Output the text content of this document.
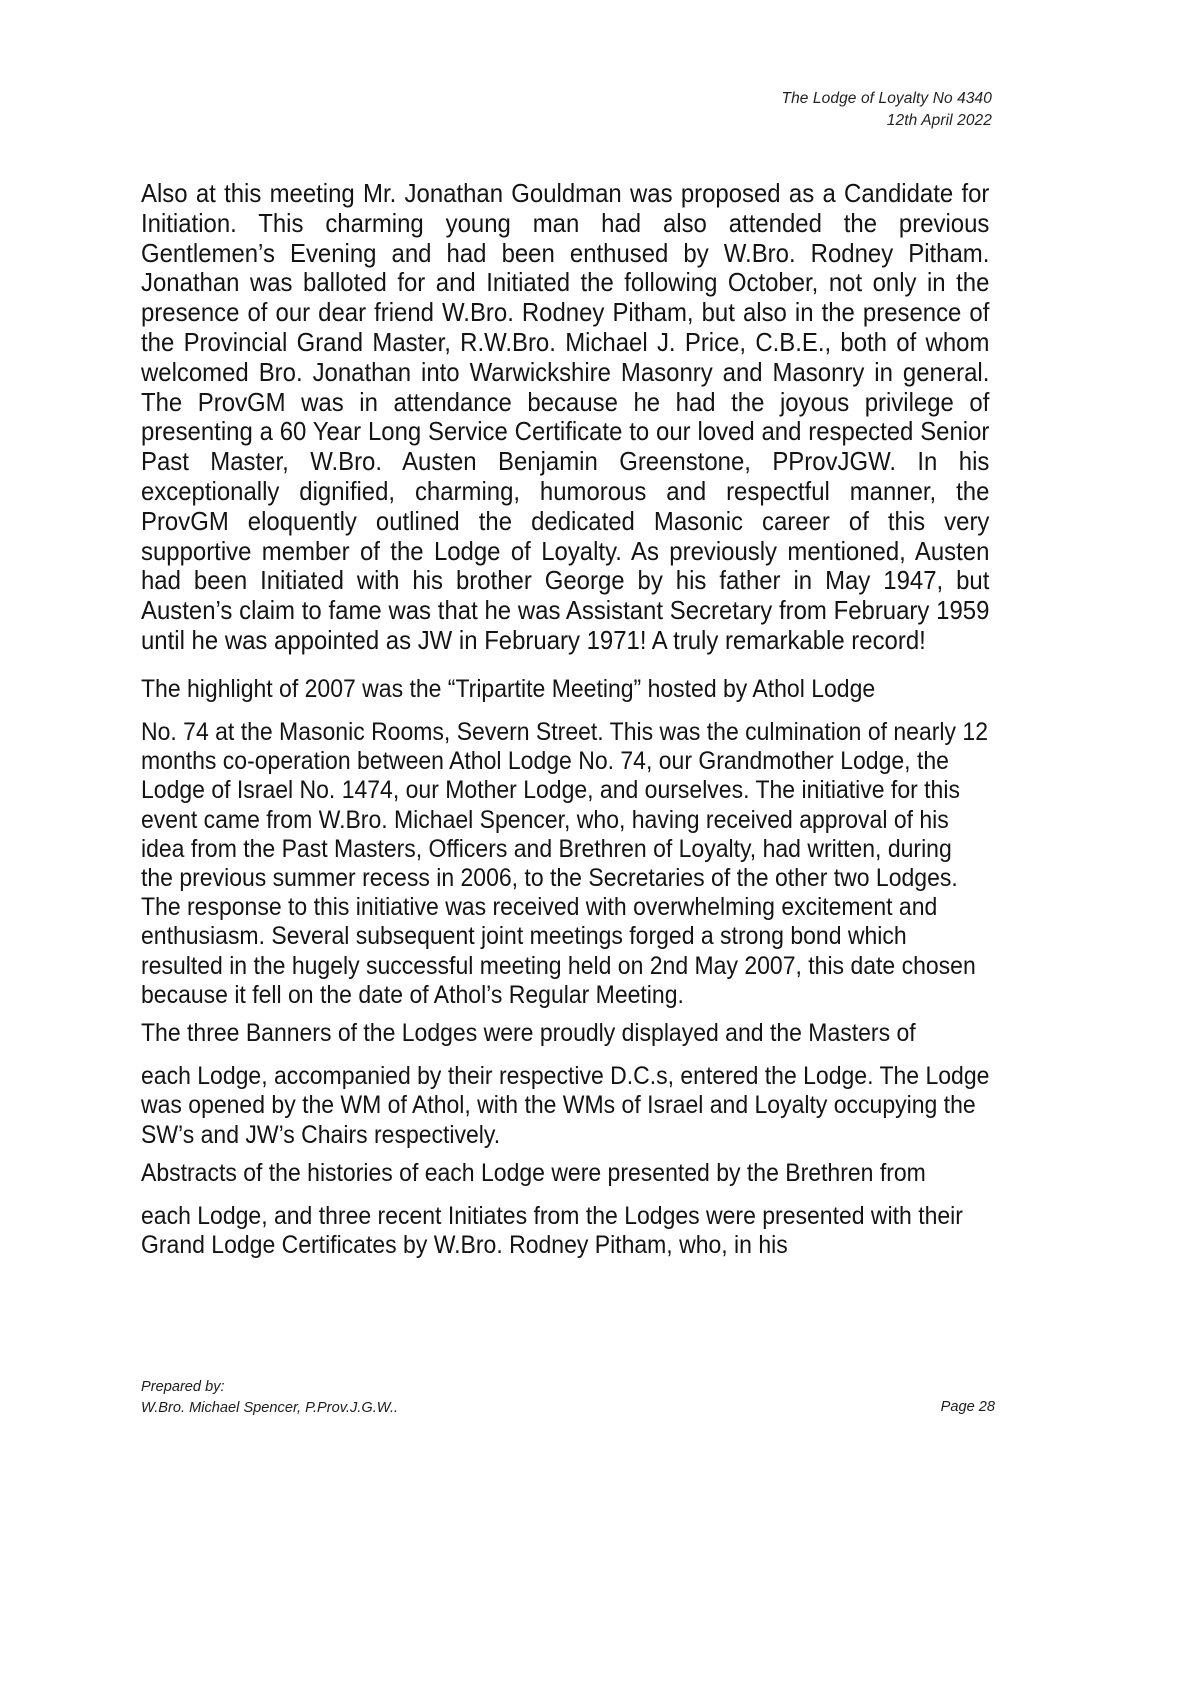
The Lodge of Loyalty No 4340
12th April 2022

Also at this meeting Mr. Jonathan Gouldman was proposed as a Candidate for Initiation. This charming young man had also attended the previous Gentlemen’s Evening and had been enthused by W.Bro. Rodney Pitham. Jonathan was balloted for and Initiated the following October, not only in the presence of our dear friend W.Bro. Rodney Pitham, but also in the presence of the Provincial Grand Master, R.W.Bro. Michael J. Price, C.B.E., both of whom welcomed Bro. Jonathan into Warwickshire Masonry and Masonry in general. The ProvGM was in attendance because he had the joyous privilege of presenting a 60 Year Long Service Certificate to our loved and respected Senior Past Master, W.Bro. Austen Benjamin Greenstone, PProvJGW. In his exceptionally dignified, charming, humorous and respectful manner, the ProvGM eloquently outlined the dedicated Masonic career of this very supportive member of the Lodge of Loyalty. As previously mentioned, Austen had been Initiated with his brother George by his father in May 1947, but Austen’s claim to fame was that he was Assistant Secretary from February 1959 until he was appointed as JW in February 1971! A truly remarkable record!

The highlight of 2007 was the “Tripartite Meeting” hosted by Athol Lodge

No. 74 at the Masonic Rooms, Severn Street. This was the culmination of nearly 12 months co-operation between Athol Lodge No. 74, our Grandmother Lodge, the Lodge of Israel No. 1474, our Mother Lodge, and ourselves. The initiative for this event came from W.Bro. Michael Spencer, who, having received approval of his idea from the Past Masters, Officers and Brethren of Loyalty, had written, during the previous summer recess in 2006, to the Secretaries of the other two Lodges. The response to this initiative was received with overwhelming excitement and enthusiasm. Several subsequent joint meetings forged a strong bond which resulted in the hugely successful meeting held on 2nd May 2007, this date chosen because it fell on the date of Athol’s Regular Meeting.

The three Banners of the Lodges were proudly displayed and the Masters of

each Lodge, accompanied by their respective D.C.s, entered the Lodge. The Lodge was opened by the WM of Athol, with the WMs of Israel and Loyalty occupying the SW’s and JW’s Chairs respectively.

Abstracts of the histories of each Lodge were presented by the Brethren from

each Lodge, and three recent Initiates from the Lodges were presented with their Grand Lodge Certificates by W.Bro. Rodney Pitham, who, in his

Prepared by:
W.Bro. Michael Spencer, P.Prov.J.G.W..	Page 28
